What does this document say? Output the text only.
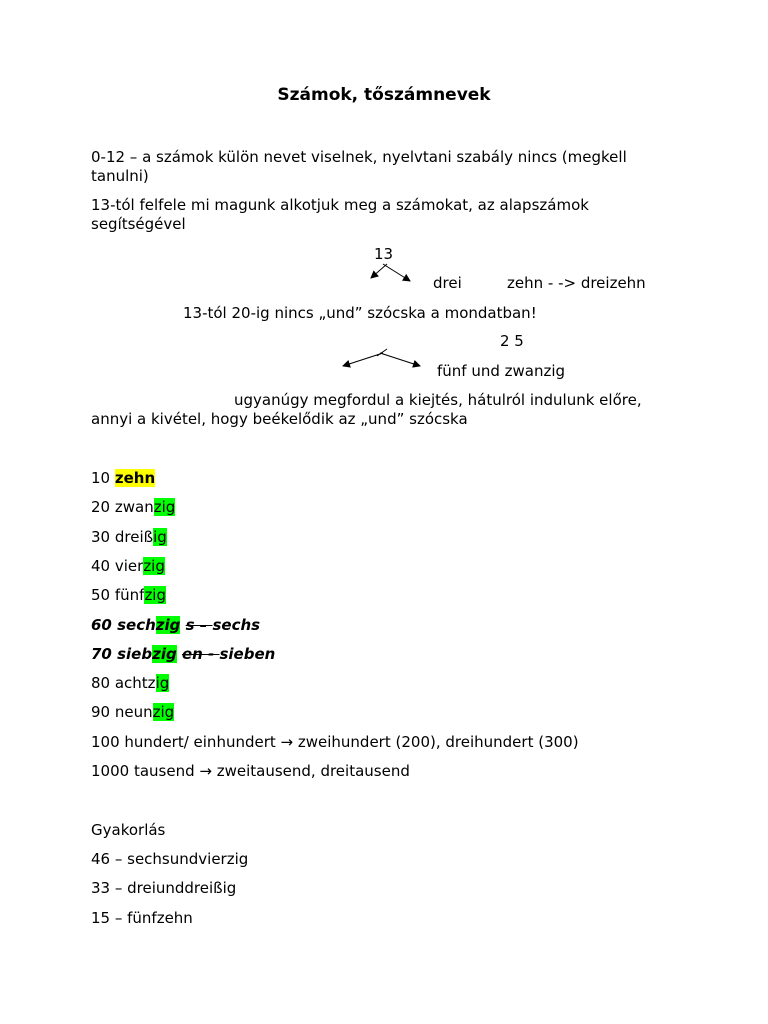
Számok, tőszámnevek
0-12 – a számok külön nevet viselnek, nyelvtani szabály nincs (megkell
tanulni)
13-tól felfele mi magunk alkotjuk meg a számokat, az alapszámok
segítségével
13
drei	zehn - -> dreizehn
13-tól 20-ig nincs „und” szócska a mondatban!
2 5
fünf und zwanzig
ugyanúgy megfordul a kiejtés, hátulról indulunk előre,
annyi a kivétel, hogy beékelődik az „und” szócska
10 zehn
20 zwanzig
30 dreißig
40 vierzig
50 fünfzig
60 sechzig s – sechs
70 siebzig en - sieben
80 achtzig
90 neunzig
100 hundert/ einhundert → zweihundert (200), dreihundert (300)
1000 tausend → zweitausend, dreitausend
Gyakorlás
46 – sechsundvierzig
33 – dreiunddreißig
15 – fünfzehn
